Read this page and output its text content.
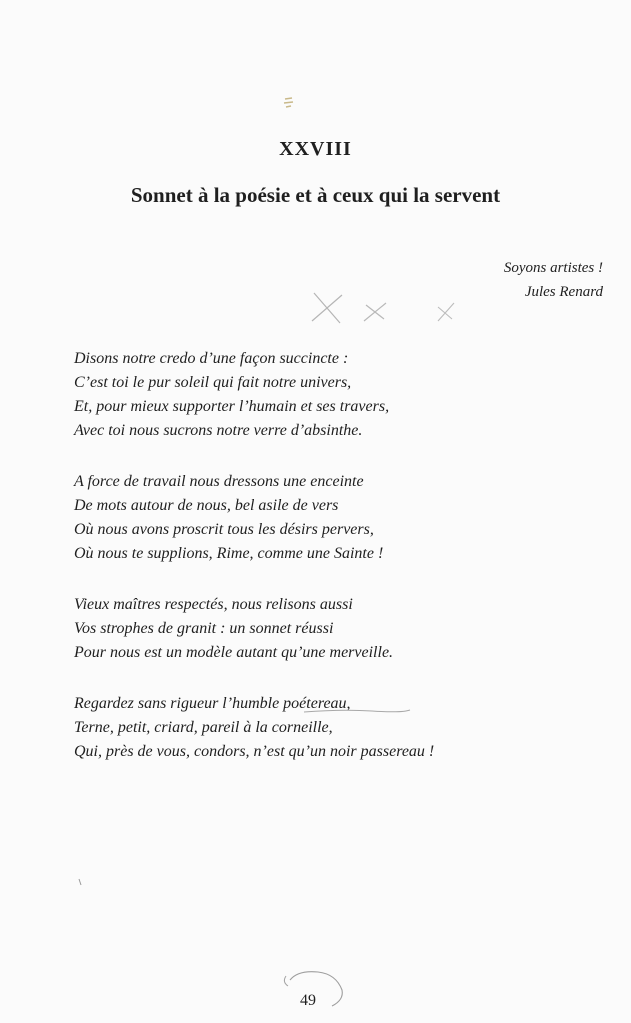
XXVIII
Sonnet à la poésie et à ceux qui la servent
Soyons artistes !
Jules Renard
Disons notre credo d’une façon succincte :
C’est toi le pur soleil qui fait notre univers,
Et, pour mieux supporter l’humain et ses travers,
Avec toi nous sucrons notre verre d’absinthe.
A force de travail nous dressons une enceinte
De mots autour de nous, bel asile de vers
Où nous avons proscrit tous les désirs pervers,
Où nous te supplions, Rime, comme une Sainte !
Vieux maîtres respectés, nous relisons aussi
Vos strophes de granit : un sonnet réussi
Pour nous est un modèle autant qu’une merveille.
Regardez sans rigueur l’humble poétereau,
Terne, petit, criard, pareil à la corneille,
Qui, près de vous, condors, n’est qu’un noir passereau !
49
